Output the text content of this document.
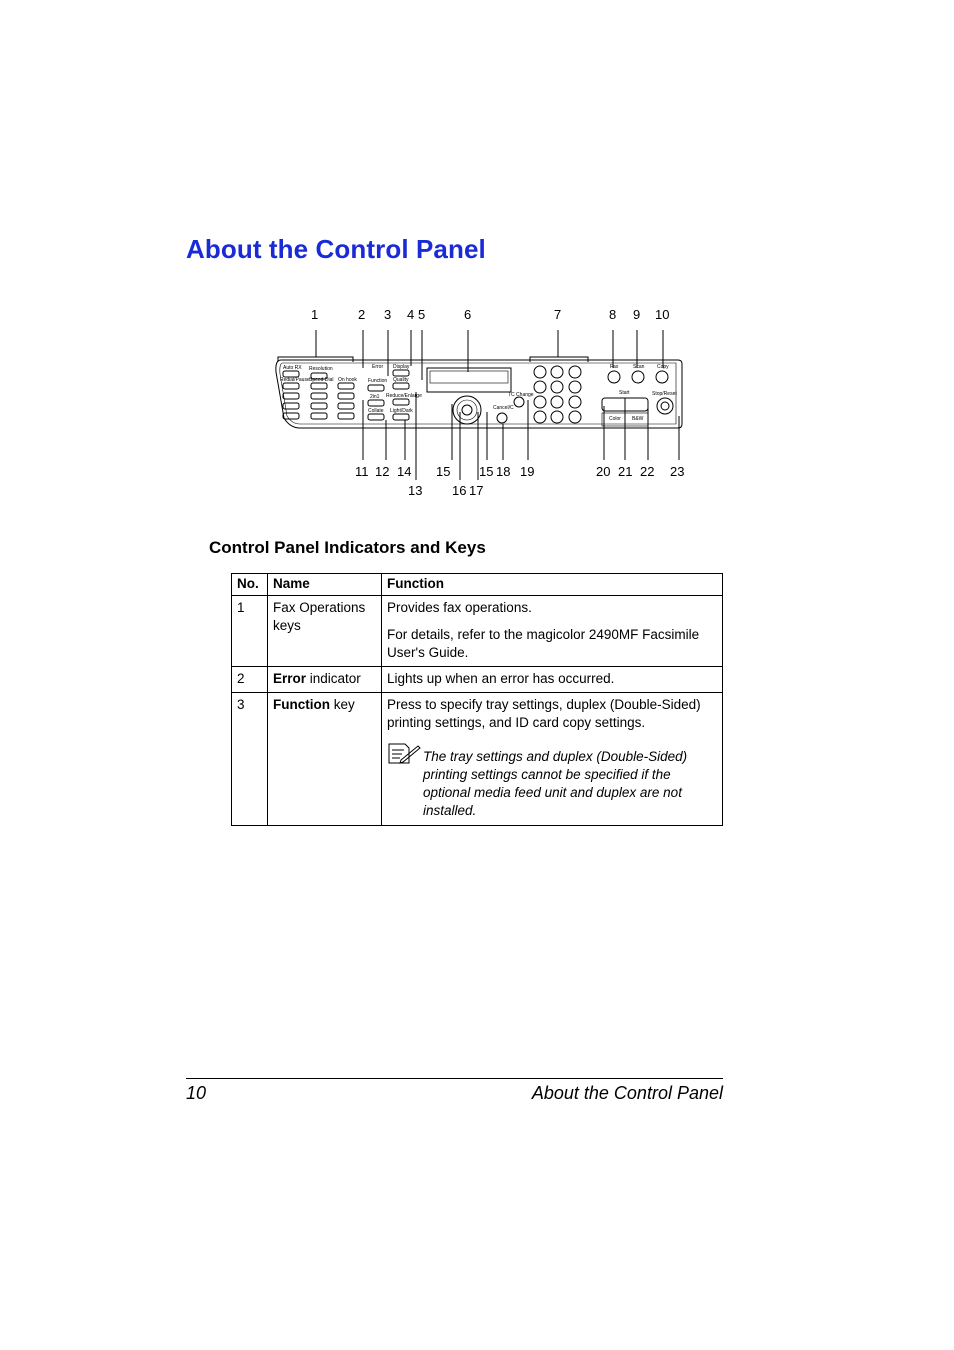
About the Control Panel
Auto RX Resolution
Redial/Pause Speed Dial On hook
Error
Function
Display
Quality
2in1 Reduce/Enlarge
Collate Light/Dark	Cancel/C
TC Change
Fax	Scan	Copy
Start	Stop/Reset
Color B&W
1	2 3 4 5	6	7	8 9 10
11 12 14 15 15 18 19	20 21 22 23
13 16 17
Control Panel Indicators and Keys
No.	Name	Function
1	Fax Operations keys	Provides fax operations.

For details, refer to the magicolor 2490MF Facsimile User's Guide.

2	Error indicator	Lights up when an error has occurred.

3	Function key	Press to specify tray settings, duplex (Double-Sided) printing settings, and ID card copy settings.

The tray settings and duplex (Double-Sided) printing settings cannot be specified if the optional media feed unit and duplex are not installed.
10	About the Control Panel
